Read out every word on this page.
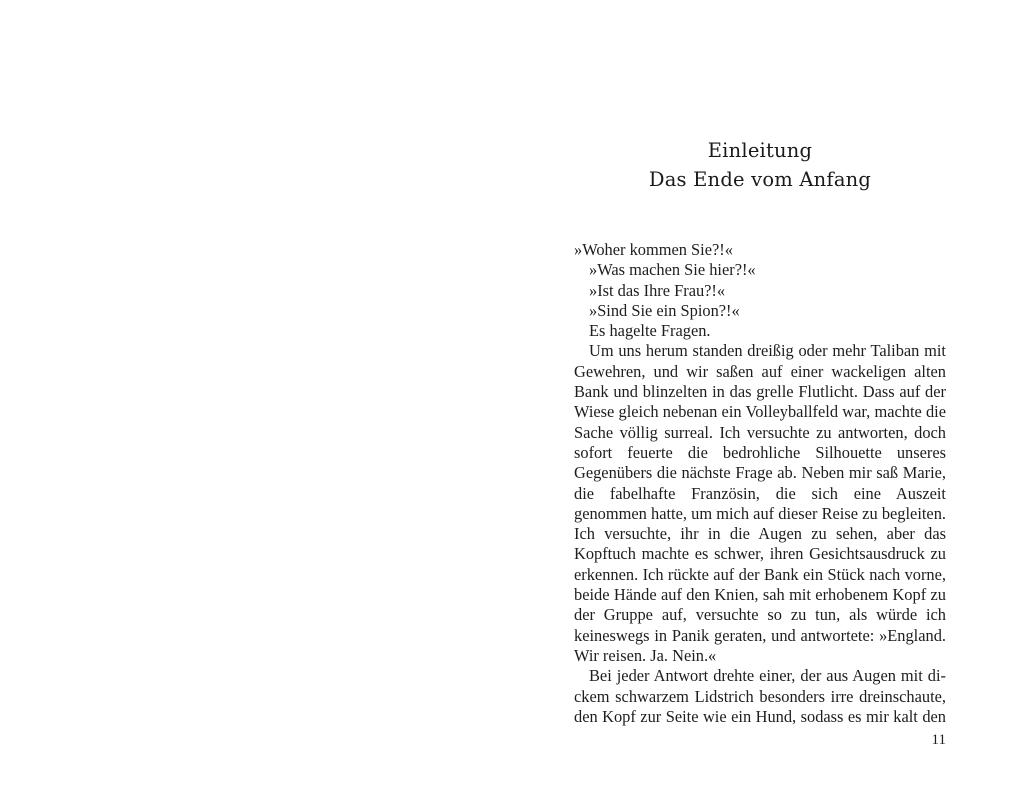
Einleitung
Das Ende vom Anfang

»Woher kommen Sie?!«

»Was machen Sie hier?!«

»Ist das Ihre Frau?!«

»Sind Sie ein Spion?!«

Es hagelte Fragen.

Um uns herum standen dreißig oder mehr Taliban mit Gewehren, und wir saßen auf einer wackeligen alten Bank und blinzelten in das grelle Flutlicht. Dass auf der Wiese gleich nebenan ein Volleyballfeld war, machte die Sache völlig surreal. Ich versuchte zu antworten, doch sofort feuerte die bedrohliche Silhouette unseres Gegenübers die nächste Frage ab. Neben mir saß Marie, die fabelhafte Französin, die sich eine Auszeit genommen hatte, um mich auf dieser Reise zu begleiten. Ich versuchte, ihr in die Augen zu sehen, aber das Kopftuch machte es schwer, ihren Gesichtsausdruck zu erkennen. Ich rückte auf der Bank ein Stück nach vorne, beide Hände auf den Knien, sah mit erhobenem Kopf zu der Gruppe auf, versuchte so zu tun, als würde ich keineswegs in Panik geraten, und antwortete: »England. Wir reisen. Ja. Nein.«

Bei jeder Antwort drehte einer, der aus Augen mit dickem schwarzem Lidstrich besonders irre dreinschaute, den Kopf zur Seite wie ein Hund, sodass es mir kalt den

11
